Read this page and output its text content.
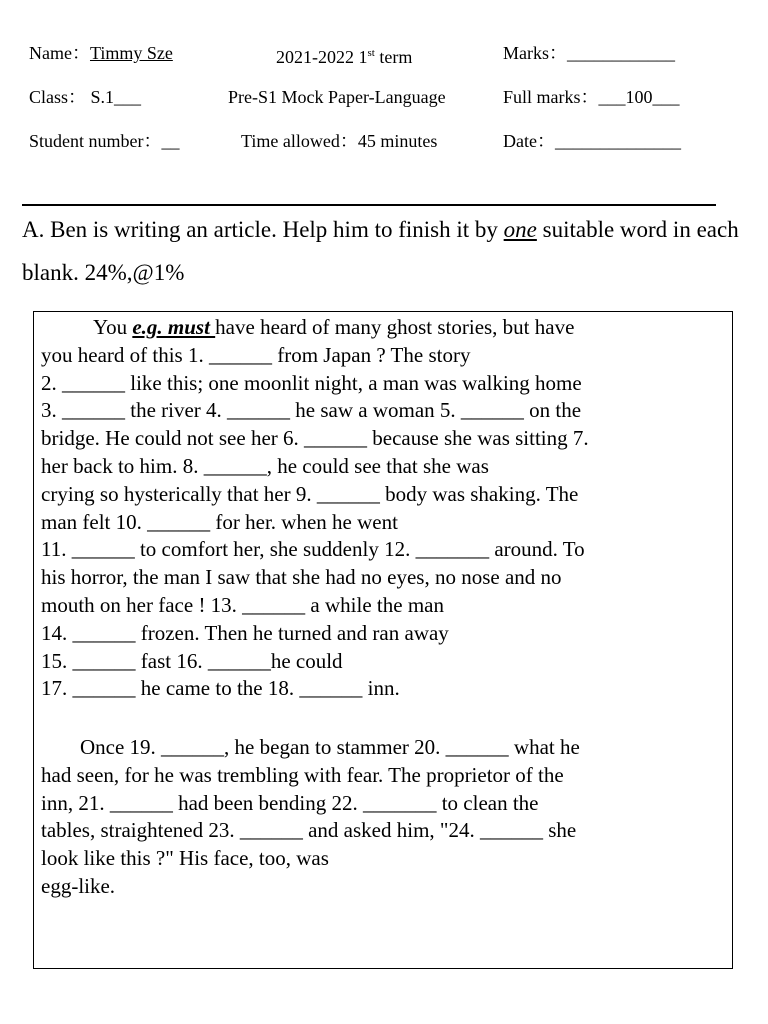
Name：Timmy Sze	2021-2022 1st term	Marks：____________
Class： S.1___	Pre-S1 Mock Paper-Language	Full marks：___100___
Student number：__	Time allowed：45 minutes	Date：______________
A. Ben is writing an article. Help him to finish it by one suitable word in each blank. 24%,@1%
You e.g. must have heard of many ghost stories, but have
you heard of this 1. ______ from Japan ? The story
2. ______ like this; one moonlit night, a man was walking home
3. ______ the river 4. ______ he saw a woman 5. ______ on the
bridge. He could not see her 6. ______ because she was sitting 7.
her back to him. 8. ______, he could see that she was
crying so hysterically that her 9. ______ body was shaking. The
man felt 10. ______ for her. when he went
11. ______ to comfort her, she suddenly 12. _______ around. To
his horror, the man I saw that she had no eyes, no nose and no
mouth on her face ! 13. ______ a while the man
14. ______ frozen. Then he turned and ran away
15. ______ fast 16. ______he could
17. ______ he came to the 18. ______ inn.
Once 19. ______, he began to stammer 20. ______ what he
had seen, for he was trembling with fear. The proprietor of the
inn, 21. ______ had been bending 22. _______ to clean the
tables, straightened 23. ______ and asked him, "24. ______ she
look like this ?" His face, too, was
egg-like.
